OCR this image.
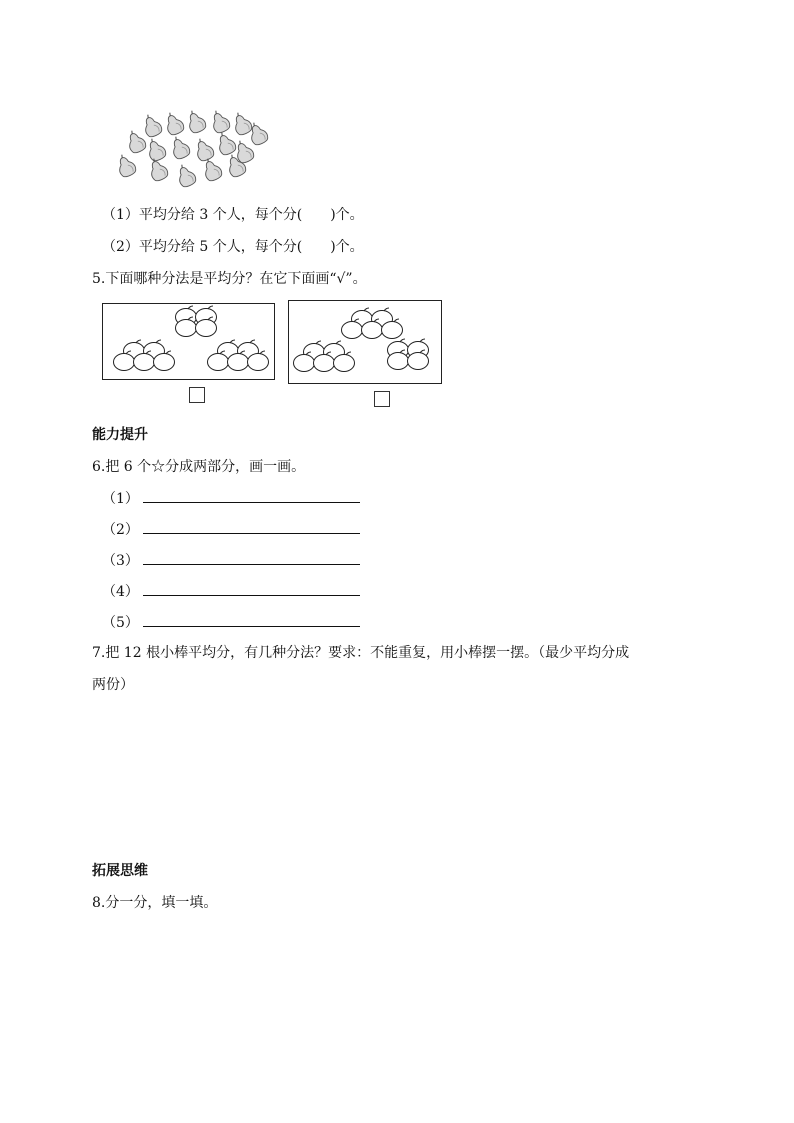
（1）平均分给 3 个人，每个分( )个。
（2）平均分给 5 个人，每个分( )个。
5.下面哪种分法是平均分？在它下面画“√”。
能力提升
6.把 6 个☆分成两部分，画一画。
（1）
（2）
（3）
（4）
（5）
7.把 12 根小棒平均分，有几种分法？要求：不能重复，用小棒摆一摆。（最少平均分成
两份）
拓展思维
8.分一分，填一填。
